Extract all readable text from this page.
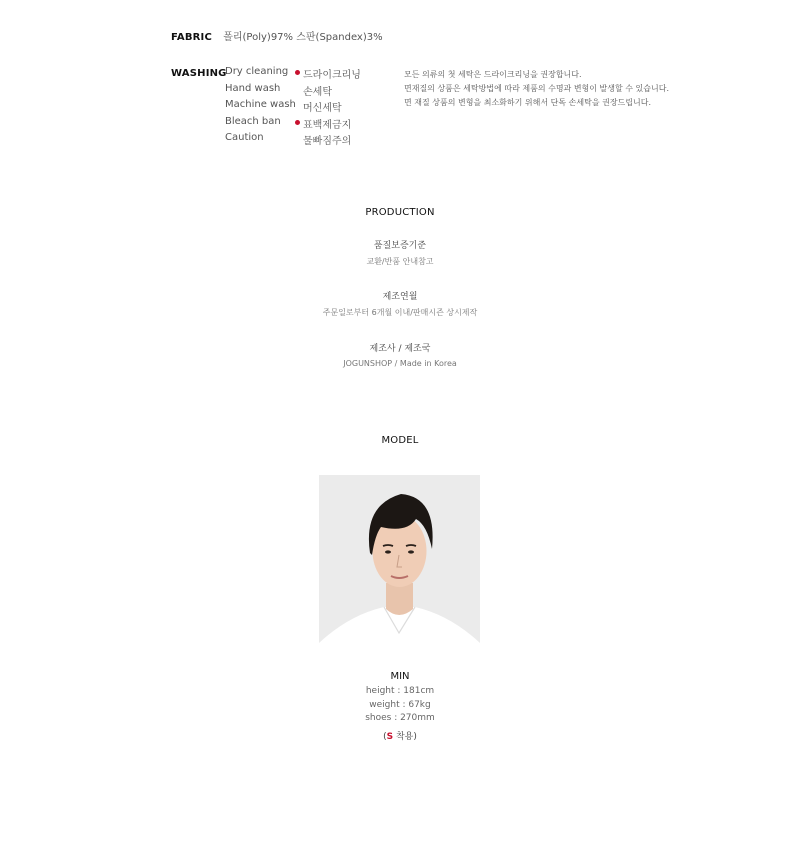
FABRIC 폴리(Poly)97% 스판(Spandex)3%
WASHING
Dry cleaning 드라이크리닝
Hand wash 손세탁
Machine wash 머신세탁
Bleach ban 표백제금지
Caution	물빠짐주의
모든 의류의 첫 세탁은 드라이크리닝을 권장합니다.
면재질의 상품은 세탁방법에 따라 제품의 수명과 변형이 발생할 수 있습니다.
면 재질 상품의 변형을 최소화하기 위해서 단독 손세탁을 권장드립니다.
PRODUCTION
품질보증기준
교환/반품 안내참고
제조연월
주문일로부터 6개월 이내/판매시즌 상시제작
제조사 / 제조국
JOGUNSHOP / Made in Korea
MODEL
MIN
height : 181cm
weight : 67kg
shoes : 270mm
(S 착용)
